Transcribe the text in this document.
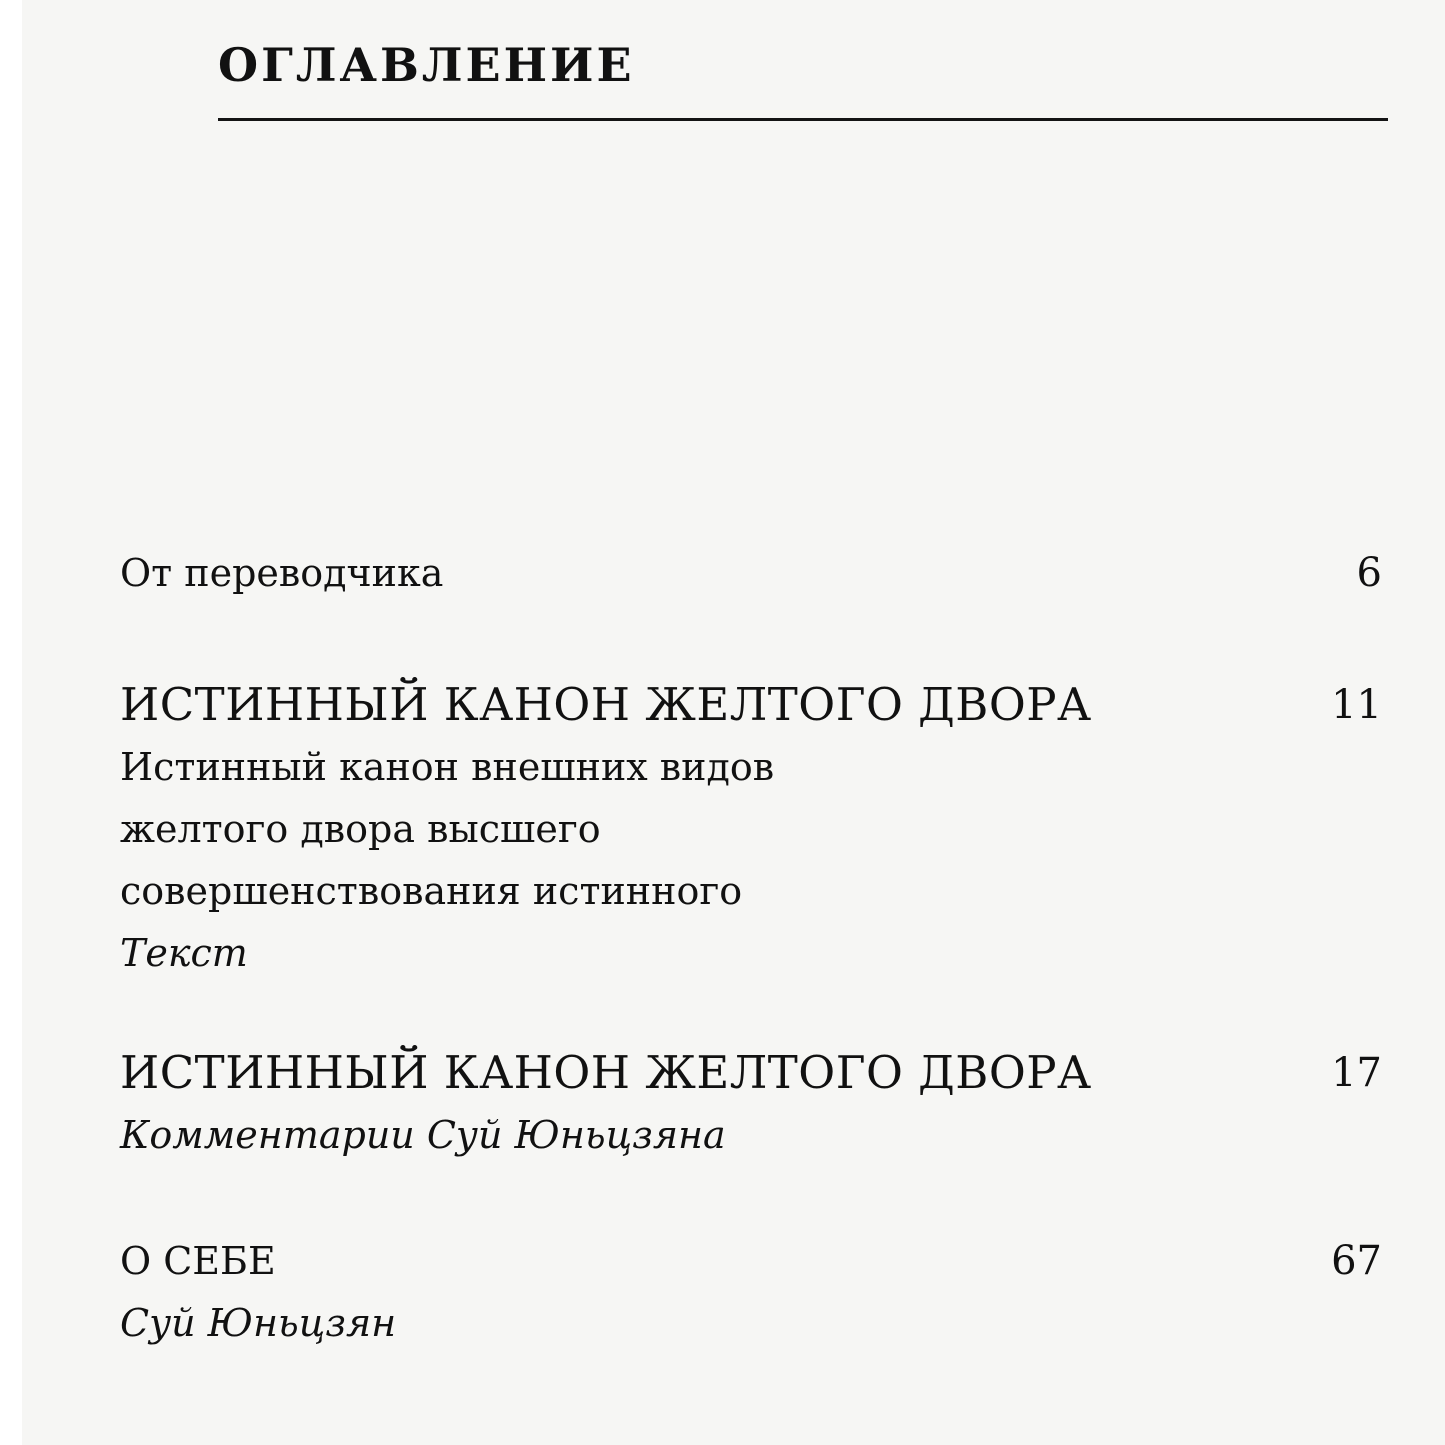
ОГЛАВЛЕНИЕ
От переводчика	6
ИСТИННЫЙ КАНОН ЖЕЛТОГО ДВОРА	11
Истинный канон внешних видов
желтого двора высшего
совершенствования истинного
Текст
ИСТИННЫЙ КАНОН ЖЕЛТОГО ДВОРА	17
Комментарии Суй Юньцзяна
О СЕБЕ	67
Суй Юньцзян
